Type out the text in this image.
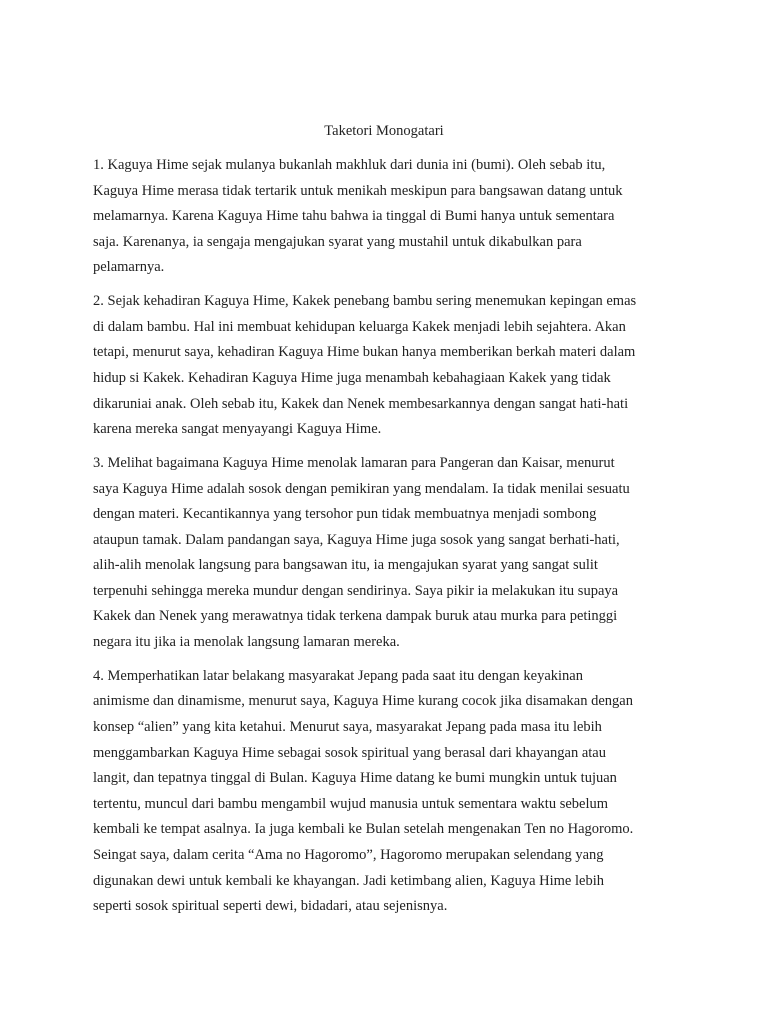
Taketori Monogatari
1. Kaguya Hime sejak mulanya bukanlah makhluk dari dunia ini (bumi). Oleh sebab itu,
Kaguya Hime merasa tidak tertarik untuk menikah meskipun para bangsawan datang untuk
melamarnya. Karena Kaguya Hime tahu bahwa ia tinggal di Bumi hanya untuk sementara
saja. Karenanya, ia sengaja mengajukan syarat yang mustahil untuk dikabulkan para
pelamarnya.
2. Sejak kehadiran Kaguya Hime, Kakek penebang bambu sering menemukan kepingan emas
di dalam bambu. Hal ini membuat kehidupan keluarga Kakek menjadi lebih sejahtera. Akan
tetapi, menurut saya, kehadiran Kaguya Hime bukan hanya memberikan berkah materi dalam
hidup si Kakek. Kehadiran Kaguya Hime juga menambah kebahagiaan Kakek yang tidak
dikaruniai anak. Oleh sebab itu, Kakek dan Nenek membesarkannya dengan sangat hati-hati
karena mereka sangat menyayangi Kaguya Hime.
3. Melihat bagaimana Kaguya Hime menolak lamaran para Pangeran dan Kaisar, menurut
saya Kaguya Hime adalah sosok dengan pemikiran yang mendalam. Ia tidak menilai sesuatu
dengan materi. Kecantikannya yang tersohor pun tidak membuatnya menjadi sombong
ataupun tamak. Dalam pandangan saya, Kaguya Hime juga sosok yang sangat berhati-hati,
alih-alih menolak langsung para bangsawan itu, ia mengajukan syarat yang sangat sulit
terpenuhi sehingga mereka mundur dengan sendirinya. Saya pikir ia melakukan itu supaya
Kakek dan Nenek yang merawatnya tidak terkena dampak buruk atau murka para petinggi
negara itu jika ia menolak langsung lamaran mereka.
4. Memperhatikan latar belakang masyarakat Jepang pada saat itu dengan keyakinan
animisme dan dinamisme, menurut saya, Kaguya Hime kurang cocok jika disamakan dengan
konsep “alien” yang kita ketahui. Menurut saya, masyarakat Jepang pada masa itu lebih
menggambarkan Kaguya Hime sebagai sosok spiritual yang berasal dari khayangan atau
langit, dan tepatnya tinggal di Bulan. Kaguya Hime datang ke bumi mungkin untuk tujuan
tertentu, muncul dari bambu mengambil wujud manusia untuk sementara waktu sebelum
kembali ke tempat asalnya. Ia juga kembali ke Bulan setelah mengenakan Ten no Hagoromo.
Seingat saya, dalam cerita “Ama no Hagoromo”, Hagoromo merupakan selendang yang
digunakan dewi untuk kembali ke khayangan. Jadi ketimbang alien, Kaguya Hime lebih
seperti sosok spiritual seperti dewi, bidadari, atau sejenisnya.
